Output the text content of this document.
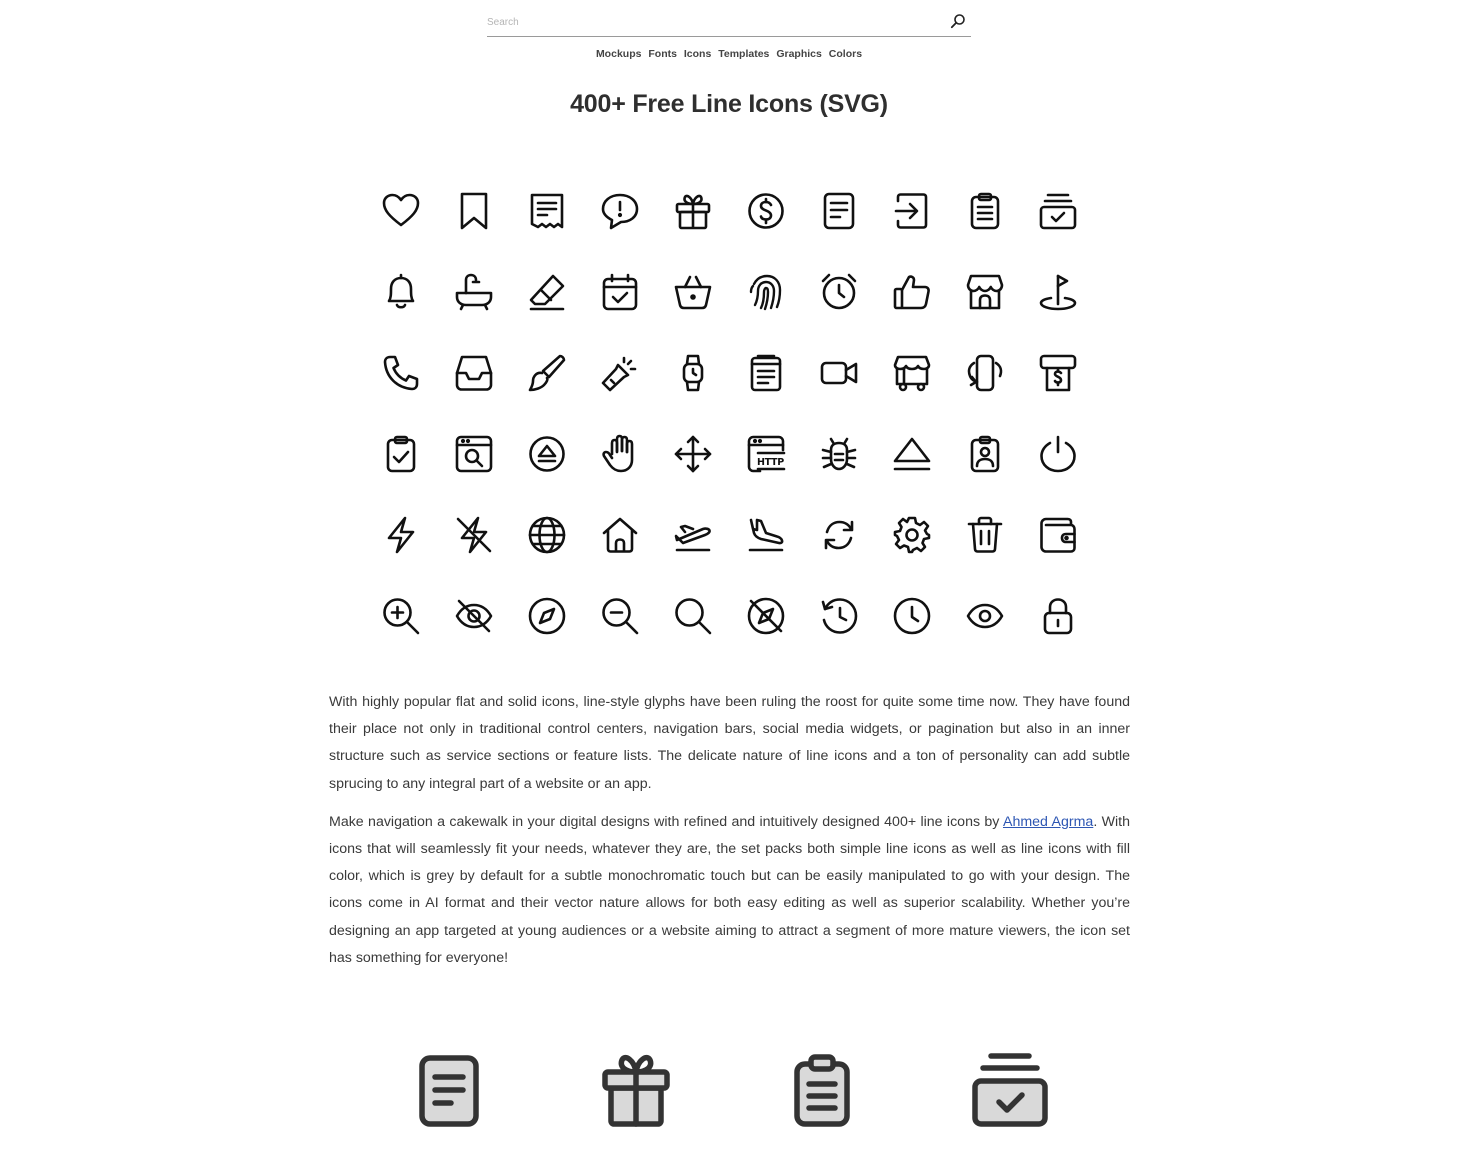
Search
Mockups Fonts Icons Templates Graphics Colors
400+ Free Line Icons (SVG)
HTTP

With highly popular flat and solid icons, line-style glyphs have been ruling the roost for quite some time now. They have found their place not only in traditional control centers, navigation bars, social media widgets, or pagination but also in an inner structure such as service sections or feature lists. The delicate nature of line icons and a ton of personality can add subtle sprucing to any integral part of a website or an app.

Make navigation a cakewalk in your digital designs with refined and intuitively designed 400+ line icons by Ahmed Agrma. With icons that will seamlessly fit your needs, whatever they are, the set packs both simple line icons as well as line icons with fill color, which is grey by default for a subtle monochromatic touch but can be easily manipulated to go with your design. The icons come in AI format and their vector nature allows for both easy editing as well as superior scalability. Whether you’re designing an app targeted at young audiences or a website aiming to attract a segment of more mature viewers, the icon set has something for everyone!
